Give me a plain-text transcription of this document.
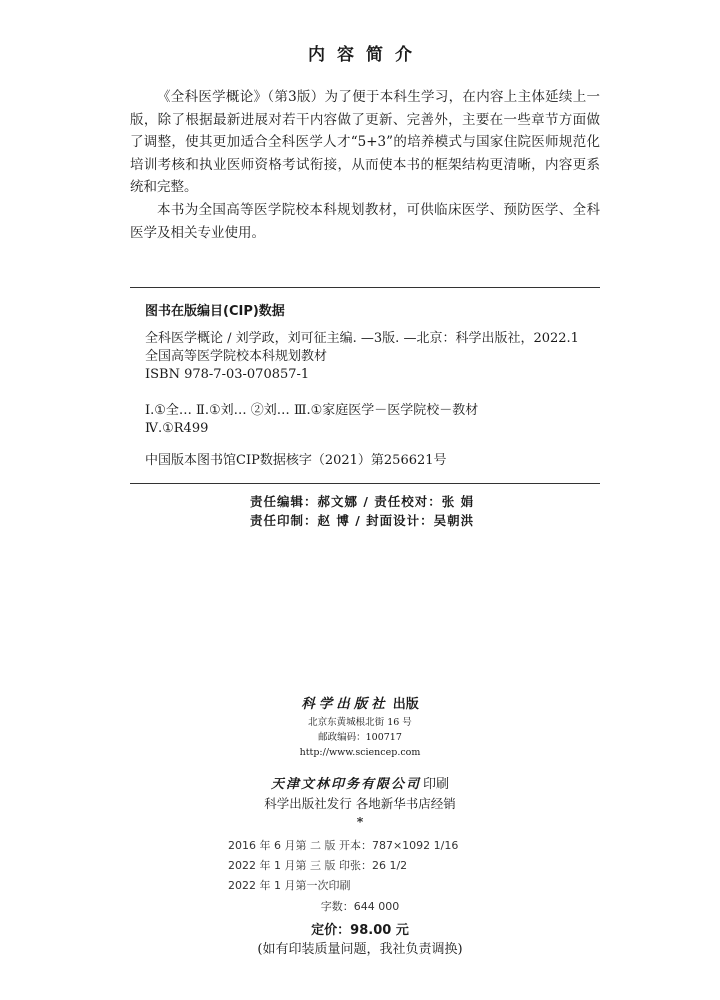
内容简介

《全科医学概论》（第3版）为了便于本科生学习，在内容上主体延续上一版，除了根据最新进展对若干内容做了更新、完善外，主要在一些章节方面做了调整，使其更加适合全科医学人才“5+3”的培养模式与国家住院医师规范化培训考核和执业医师资格考试衔接，从而使本书的框架结构更清晰，内容更系统和完整。

本书为全国高等医学院校本科规划教材，可供临床医学、预防医学、全科医学及相关专业使用。

图书在版编目(CIP)数据
全科医学概论 / 刘学政，刘可征主编. —3版. —北京：科学出版社，2022.1
全国高等医学院校本科规划教材
ISBN 978-7-03-070857-1
Ⅰ.①全… Ⅱ.①刘… ②刘… Ⅲ.①家庭医学－医学院校－教材
Ⅳ.①R499
中国版本图书馆CIP数据核字（2021）第256621号
责任编辑：郝文娜 / 责任校对：张 娟
责任印制：赵 博 / 封面设计：吴朝洪
科学出版社 出版
北京东黄城根北街 16 号
邮政编码：100717
http://www.sciencep.com
天津文林印务有限公司 印刷
科学出版社发行 各地新华书店经销
*
2016 年 6 月第 二 版 开本：787×1092 1/16
2022 年 1 月第 三 版 印张：26 1/2
2022 年 1 月第一次印刷
字数：644 000
定价：98.00 元
(如有印装质量问题，我社负责调换)
